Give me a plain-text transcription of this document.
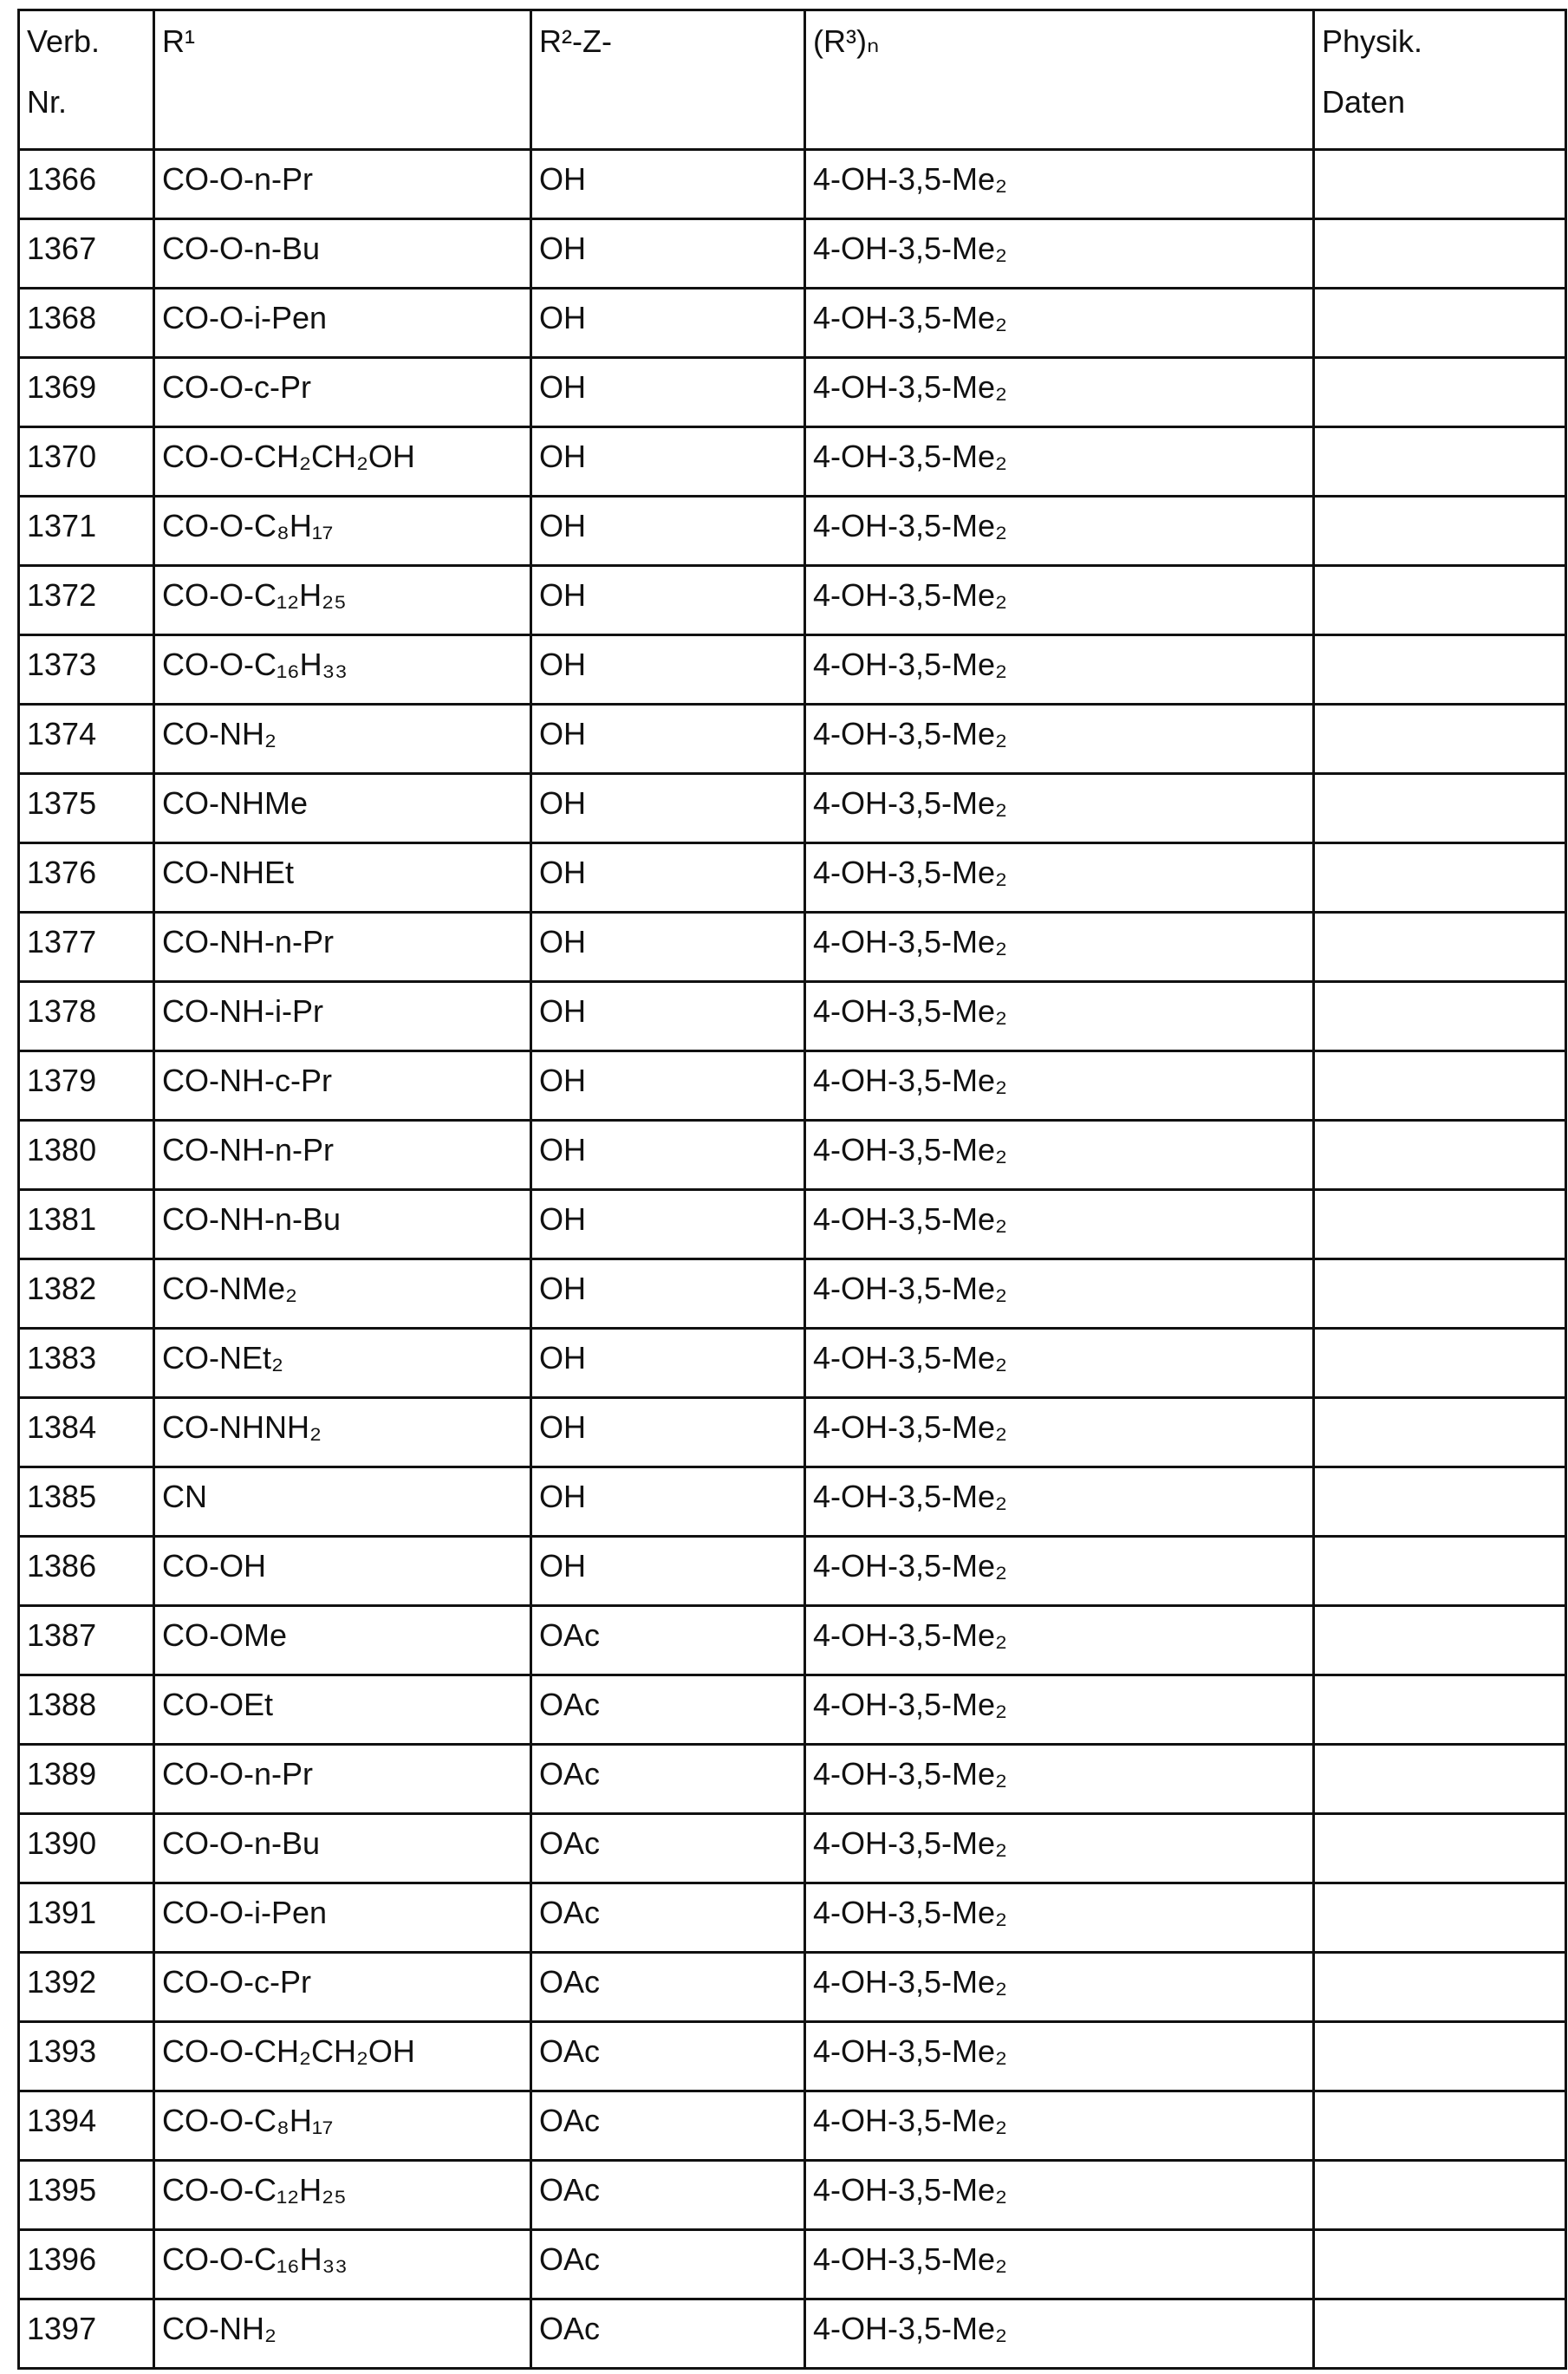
Verb.
Nr.	R¹	R²-Z-	(R³)ₙ	Physik.
Daten
1366	CO-O-n-Pr	OH	4-OH-3,5-Me₂	
1367	CO-O-n-Bu	OH	4-OH-3,5-Me₂	
1368	CO-O-i-Pen	OH	4-OH-3,5-Me₂	
1369	CO-O-c-Pr	OH	4-OH-3,5-Me₂	
1370	CO-O-CH₂CH₂OH	OH	4-OH-3,5-Me₂	
1371	CO-O-C₈H₁₇	OH	4-OH-3,5-Me₂	
1372	CO-O-C₁₂H₂₅	OH	4-OH-3,5-Me₂	
1373	CO-O-C₁₆H₃₃	OH	4-OH-3,5-Me₂	
1374	CO-NH₂	OH	4-OH-3,5-Me₂	
1375	CO-NHMe	OH	4-OH-3,5-Me₂	
1376	CO-NHEt	OH	4-OH-3,5-Me₂	
1377	CO-NH-n-Pr	OH	4-OH-3,5-Me₂	
1378	CO-NH-i-Pr	OH	4-OH-3,5-Me₂	
1379	CO-NH-c-Pr	OH	4-OH-3,5-Me₂	
1380	CO-NH-n-Pr	OH	4-OH-3,5-Me₂	
1381	CO-NH-n-Bu	OH	4-OH-3,5-Me₂	
1382	CO-NMe₂	OH	4-OH-3,5-Me₂	
1383	CO-NEt₂	OH	4-OH-3,5-Me₂	
1384	CO-NHNH₂	OH	4-OH-3,5-Me₂	
1385	CN	OH	4-OH-3,5-Me₂	
1386	CO-OH	OH	4-OH-3,5-Me₂	
1387	CO-OMe	OAc	4-OH-3,5-Me₂	
1388	CO-OEt	OAc	4-OH-3,5-Me₂	
1389	CO-O-n-Pr	OAc	4-OH-3,5-Me₂	
1390	CO-O-n-Bu	OAc	4-OH-3,5-Me₂	
1391	CO-O-i-Pen	OAc	4-OH-3,5-Me₂	
1392	CO-O-c-Pr	OAc	4-OH-3,5-Me₂	
1393	CO-O-CH₂CH₂OH	OAc	4-OH-3,5-Me₂	
1394	CO-O-C₈H₁₇	OAc	4-OH-3,5-Me₂	
1395	CO-O-C₁₂H₂₅	OAc	4-OH-3,5-Me₂	
1396	CO-O-C₁₆H₃₃	OAc	4-OH-3,5-Me₂	
1397	CO-NH₂	OAc	4-OH-3,5-Me₂	
